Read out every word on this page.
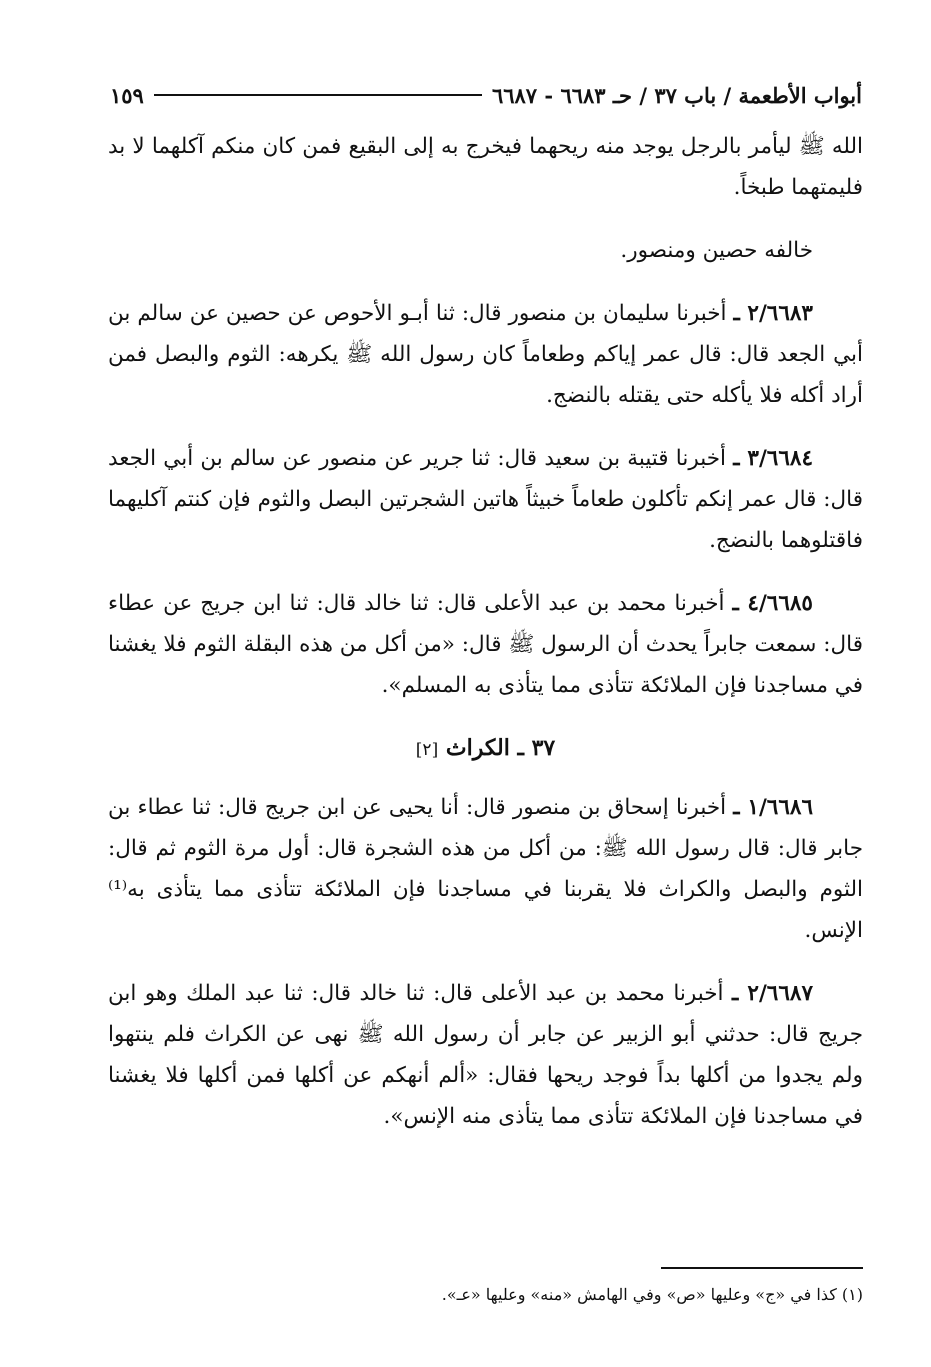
أبواب الأطعمة / باب ٣٧ / حـ ٦٦٨٣ - ٦٦٨٧
١٥٩

الله ﷺ ليأمر بالرجل يوجد منه ريحهما فيخرج به إلى البقيع فمن كان منكم آكلهما لا بد فليمتهما طبخاً.

خالفه حصين ومنصور.

٢/٦٦٨٣ ـ أخبرنا سليمان بن منصور قال: ثنا أبـو الأحوص عن حصين عن سالم بن أبي الجعد قال: قال عمر إياكم وطعاماً كان رسول الله ﷺ يكرهه: الثوم والبصل فمن أراد أكله فلا يأكله حتى يقتله بالنضج.

٣/٦٦٨٤ ـ أخبرنا قتيبة بن سعيد قال: ثنا جرير عن منصور عن سالم بن أبي الجعد قال: قال عمر إنكم تأكلون طعاماً خبيثاً هاتين الشجرتين البصل والثوم فإن كنتم آكليهما فاقتلوهما بالنضج.

٤/٦٦٨٥ ـ أخبرنا محمد بن عبد الأعلى قال: ثنا خالد قال: ثنا ابن جريج عن عطاء قال: سمعت جابراً يحدث أن الرسول ﷺ قال: «من أكل من هذه البقلة الثوم فلا يغشنا في مساجدنا فإن الملائكة تتأذى مما يتأذى به المسلم».

٣٧ ـ الكراث [٢]

١/٦٦٨٦ ـ أخبرنا إسحاق بن منصور قال: أنا يحيى عن ابن جريج قال: ثنا عطاء بن جابر قال: قال رسول الله ﷺ: من أكل من هذه الشجرة قال: أول مرة الثوم ثم قال: الثوم والبصل والكراث فلا يقربنا في مساجدنا فإن الملائكة تتأذى مما يتأذى به⁽¹⁾ الإنس.

٢/٦٦٨٧ ـ أخبرنا محمد بن عبد الأعلى قال: ثنا خالد قال: ثنا عبد الملك وهو ابن جريج قال: حدثني أبو الزبير عن جابر أن رسول الله ﷺ نهى عن الكراث فلم ينتهوا ولم يجدوا من أكلها بداً فوجد ريحها فقال: «ألم أنهكم عن أكلها فمن أكلها فلا يغشنا في مساجدنا فإن الملائكة تتأذى مما يتأذى منه الإنس».

(١) كذا في «ج» وعليها «ص» وفي الهامش «منه» وعليها «عـ».
